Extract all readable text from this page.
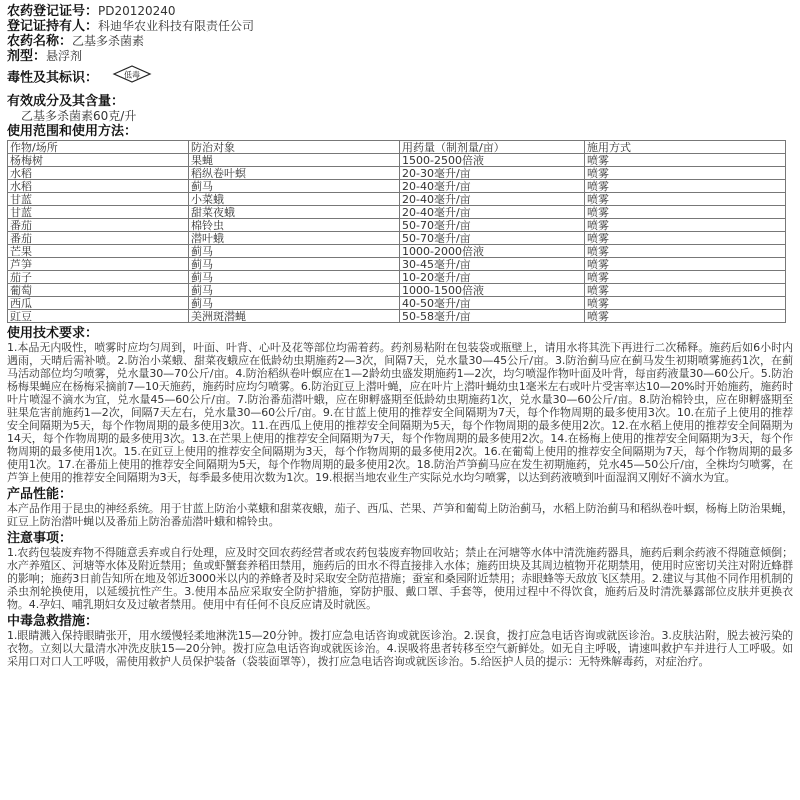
农药登记证号：PD20120240
登记证持有人：科迪华农业科技有限责任公司
农药名称：乙基多杀菌素
剂型：悬浮剂
毒性及其标识：	低毒
有效成分及其含量：
乙基多杀菌素60克/升
使用范围和使用方法：
作物/场所	防治对象	用药量（制剂量/亩）	施用方式
杨梅树	果蝇	1500-2500倍液	喷雾
水稻	稻纵卷叶螟	20-30毫升/亩	喷雾
水稻	蓟马	20-40毫升/亩	喷雾
甘蓝	小菜蛾	20-40毫升/亩	喷雾
甘蓝	甜菜夜蛾	20-40毫升/亩	喷雾
番茄	棉铃虫	50-70毫升/亩	喷雾
番茄	潜叶蛾	50-70毫升/亩	喷雾
芒果	蓟马	1000-2000倍液	喷雾
芦笋	蓟马	30-45毫升/亩	喷雾
茄子	蓟马	10-20毫升/亩	喷雾
葡萄	蓟马	1000-1500倍液	喷雾
西瓜	蓟马	40-50毫升/亩	喷雾
豇豆	美洲斑潜蝇	50-58毫升/亩	喷雾
使用技术要求：
1.本品无内吸性，喷雾时应均匀周到，叶面、叶背、心叶及花等部位均需着药。药剂易粘附在包装袋或瓶壁上，请用水将其洗下再进行二次稀释。施药后如6小时内遇雨，天晴后需补喷。2.防治小菜蛾、甜菜夜蛾应在低龄幼虫期施药2—3次，间隔7天，兑水量30—45公斤/亩。3.防治蓟马应在蓟马发生初期喷雾施药1次，在蓟马活动部位均匀喷雾，兑水量30—70公斤/亩。4.防治稻纵卷叶螟应在1—2龄幼虫盛发期施药1—2次，均匀喷湿作物叶面及叶背，每亩药液量30—60公斤。5.防治杨梅果蝇应在杨梅采摘前7—10天施药，施药时应均匀喷雾。6.防治豇豆上潜叶蝇，应在叶片上潜叶蝇幼虫1毫米左右或叶片受害率达10—20%时开始施药，施药时叶片喷湿不滴水为宜，兑水量45—60公斤/亩。7.防治番茄潜叶蛾，应在卵孵盛期至低龄幼虫期施药1次，兑水量30—60公斤/亩。8.防治棉铃虫，应在卵孵盛期至驻果危害前施药1—2次，间隔7天左右，兑水量30—60公斤/亩。9.在甘蓝上使用的推荐安全间隔期为7天，每个作物周期的最多使用3次。10.在茄子上使用的推荐安全间隔期为5天，每个作物周期的最多使用3次。11.在西瓜上使用的推荐安全间隔期为5天，每个作物周期的最多使用2次。12.在水稻上使用的推荐安全间隔期为14天，每个作物周期的最多使用3次。13.在芒果上使用的推荐安全间隔期为7天，每个作物周期的最多使用2次。14.在杨梅上使用的推荐安全间隔期为3天，每个作物周期的最多使用1次。15.在豇豆上使用的推荐安全间隔期为3天，每个作物周期的最多使用2次。16.在葡萄上使用的推荐安全间隔期为7天，每个作物周期的最多使用1次。17.在番茄上使用的推荐安全间隔期为5天，每个作物周期的最多使用2次。18.防治芦笋蓟马应在发生初期施药，兑水45—50公斤/亩，全株均匀喷雾，在芦笋上使用的推荐安全间隔期为3天，每季最多使用次数为1次。19.根据当地农业生产实际兑水均匀喷雾，以达到药液喷到叶面湿润又刚好不滴水为宜。
产品性能：
本产品作用于昆虫的神经系统。用于甘蓝上防治小菜蛾和甜菜夜蛾，茄子、西瓜、芒果、芦笋和葡萄上防治蓟马，水稻上防治蓟马和稻纵卷叶螟，杨梅上防治果蝇，豇豆上防治潜叶蝇以及番茄上防治番茄潜叶蛾和棉铃虫。
注意事项：
1.农药包装废弃物不得随意丢弃或自行处理，应及时交回农药经营者或农药包装废弃物回收站；禁止在河塘等水体中清洗施药器具，施药后剩余药液不得随意倾倒；水产养殖区、河塘等水体及附近禁用；鱼或虾蟹套养稻田禁用，施药后的田水不得直接排入水体；施药田块及其周边植物开花期禁用，使用时应密切关注对附近蜂群的影响；施药3日前告知所在地及邻近3000米以内的养蜂者及时采取安全防范措施；蚕室和桑园附近禁用；赤眼蜂等天敌放飞区禁用。2.建议与其他不同作用机制的杀虫剂轮换使用，以延缓抗性产生。3.使用本品应采取安全防护措施，穿防护服、戴口罩、手套等，使用过程中不得饮食，施药后及时清洗暴露部位皮肤并更换衣物。4.孕妇、哺乳期妇女及过敏者禁用。使用中有任何不良反应请及时就医。
中毒急救措施：
1.眼睛溅入保持眼睛张开，用水缓慢轻柔地淋洗15—20分钟。拨打应急电话咨询或就医诊治。2.误食，拨打应急电话咨询或就医诊治。3.皮肤沾附，脱去被污染的衣物。立刻以大量清水冲洗皮肤15—20分钟。拨打应急电话咨询或就医诊治。4.误吸将患者转移至空气新鲜处。如无自主呼吸，请速叫救护车并进行人工呼吸。如采用口对口人工呼吸，需使用救护人员保护装备（袋装面罩等），拨打应急电话咨询或就医诊治。5.给医护人员的提示：无特殊解毒药，对症治疗。
